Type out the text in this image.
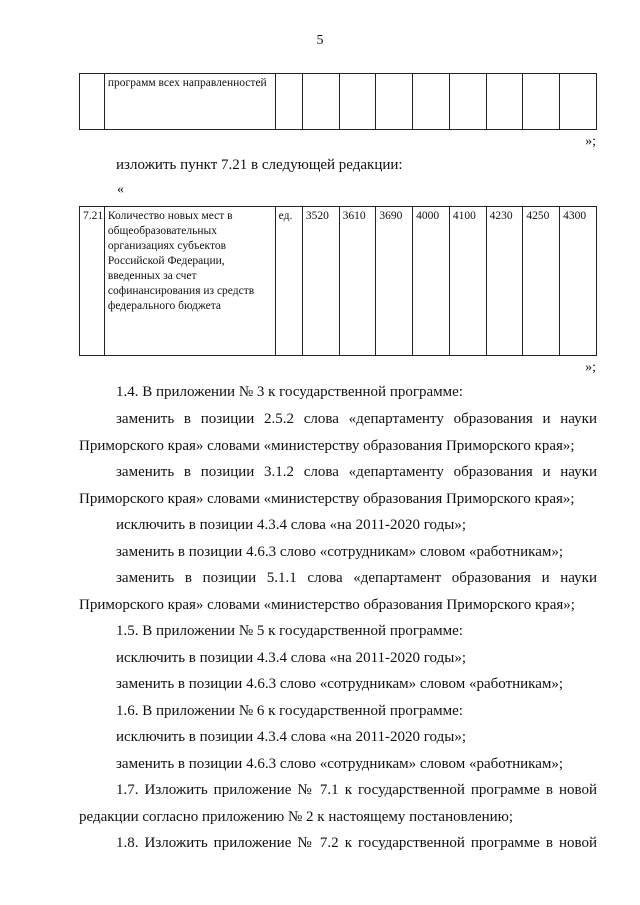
5
	программ всех направленностей									
»;
изложить пункт 7.21 в следующей редакции:
«
7.21.	Количество новых мест в общеобразовательных организациях субъектов Российской Федерации, введенных за счет софинансирования из средств федерального бюджета	ед.	3520	3610	3690	4000	4100	4230	4250	4300
»;
1.4. В приложении № 3 к государственной программе:
заменить в позиции 2.5.2 слова «департаменту образования и науки
Приморского края» словами «министерству образования Приморского края»;
заменить в позиции 3.1.2 слова «департаменту образования и науки
Приморского края» словами «министерству образования Приморского края»;
исключить в позиции 4.3.4 слова «на 2011-2020 годы»;
заменить в позиции 4.6.3 слово «сотрудникам» словом «работникам»;
заменить в позиции 5.1.1 слова «департамент образования и науки
Приморского края» словами «министерство образования Приморского края»;
1.5. В приложении № 5 к государственной программе:
исключить в позиции 4.3.4 слова «на 2011-2020 годы»;
заменить в позиции 4.6.3 слово «сотрудникам» словом «работникам»;
1.6. В приложении № 6 к государственной программе:
исключить в позиции 4.3.4 слова «на 2011-2020 годы»;
заменить в позиции 4.6.3 слово «сотрудникам» словом «работникам»;
1.7. Изложить приложение № 7.1 к государственной программе в новой
редакции согласно приложению № 2 к настоящему постановлению;
1.8. Изложить приложение № 7.2 к государственной программе в новой
